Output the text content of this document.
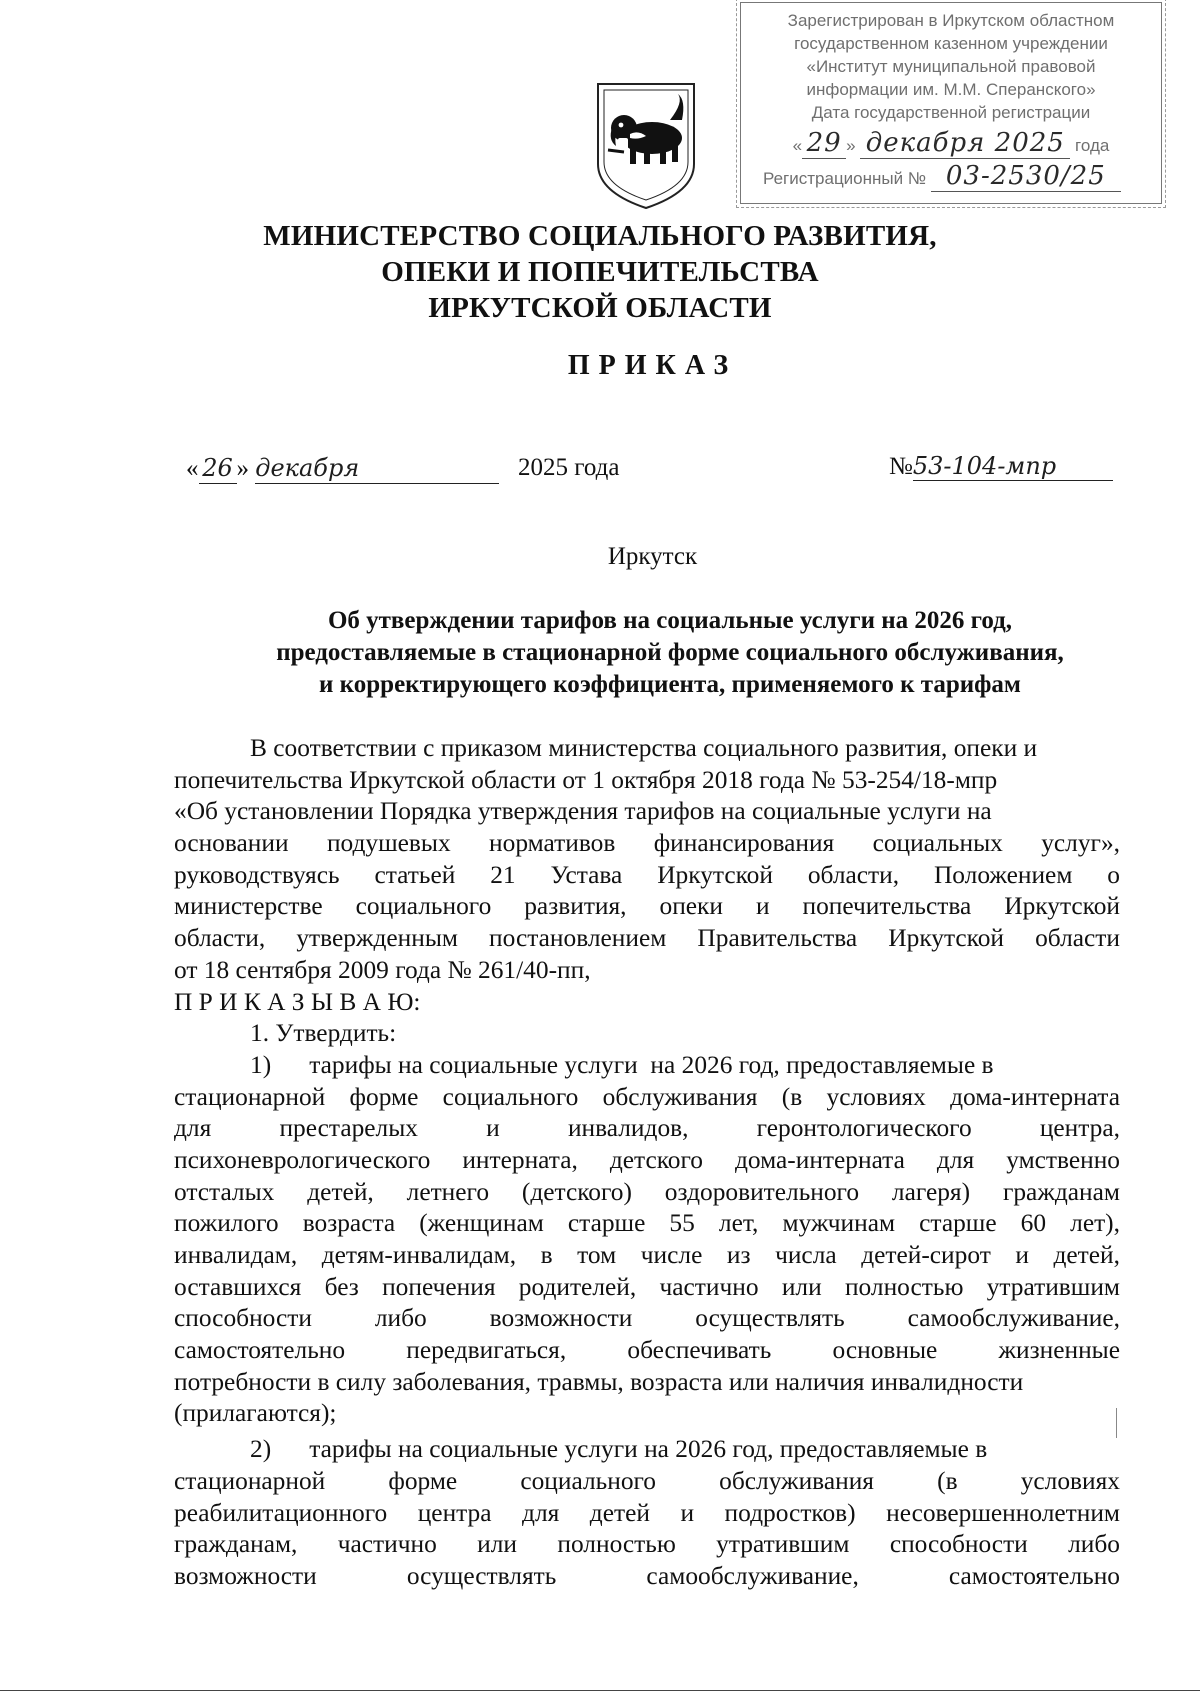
Зарегистрирован в Иркутском областном
государственном казенном учреждении
«Институт муниципальной правовой
информации им. М.М. Сперанского»
Дата государственной регистрации
« 29 » декабря 2025 года
Регистрационный № 03-2530/25
МИНИСТЕРСТВО СОЦИАЛЬНОГО РАЗВИТИЯ,
ОПЕКИ И ПОПЕЧИТЕЛЬСТВА
ИРКУТСКОЙ ОБЛАСТИ
ПРИКАЗ
« 26 » декабря	2025 года	№53-104-мпр
Иркутск
Об утверждении тарифов на социальные услуги на 2026 год,
предоставляемые в стационарной форме социального обслуживания,
и корректирующего коэффициента, применяемого к тарифам
В соответствии с приказом министерства социального развития, опеки и
попечительства Иркутской области от 1 октября 2018 года № 53-254/18-мпр
«Об установлении Порядка утверждения тарифов на социальные услуги на
основании подушевых нормативов финансирования социальных услуг»,
руководствуясь статьей 21 Устава Иркутской области, Положением о
министерстве социального развития, опеки и попечительства Иркутской
области, утвержденным постановлением Правительства Иркутской области
от 18 сентября 2009 года № 261/40-пп,
П Р И К А З Ы В А Ю:
1. Утвердить:
1)      тарифы на социальные услуги  на 2026 год, предоставляемые в
стационарной форме социального обслуживания (в условиях дома-интерната
для престарелых и инвалидов, геронтологического центра,
психоневрологического интерната, детского дома-интерната для умственно
отсталых детей, летнего (детского) оздоровительного лагеря) гражданам
пожилого возраста (женщинам старше 55 лет, мужчинам старше 60 лет),
инвалидам, детям-инвалидам, в том числе из числа детей-сирот и детей,
оставшихся без попечения родителей, частично или полностью утратившим
способности либо возможности осуществлять самообслуживание,
самостоятельно передвигаться, обеспечивать основные жизненные
потребности в силу заболевания, травмы, возраста или наличия инвалидности
(прилагаются);
2)      тарифы на социальные услуги на 2026 год, предоставляемые в
стационарной форме социального обслуживания (в условиях
реабилитационного центра для детей и подростков) несовершеннолетним
гражданам, частично или полностью утратившим способности либо
возможности осуществлять самообслуживание, самостоятельно
